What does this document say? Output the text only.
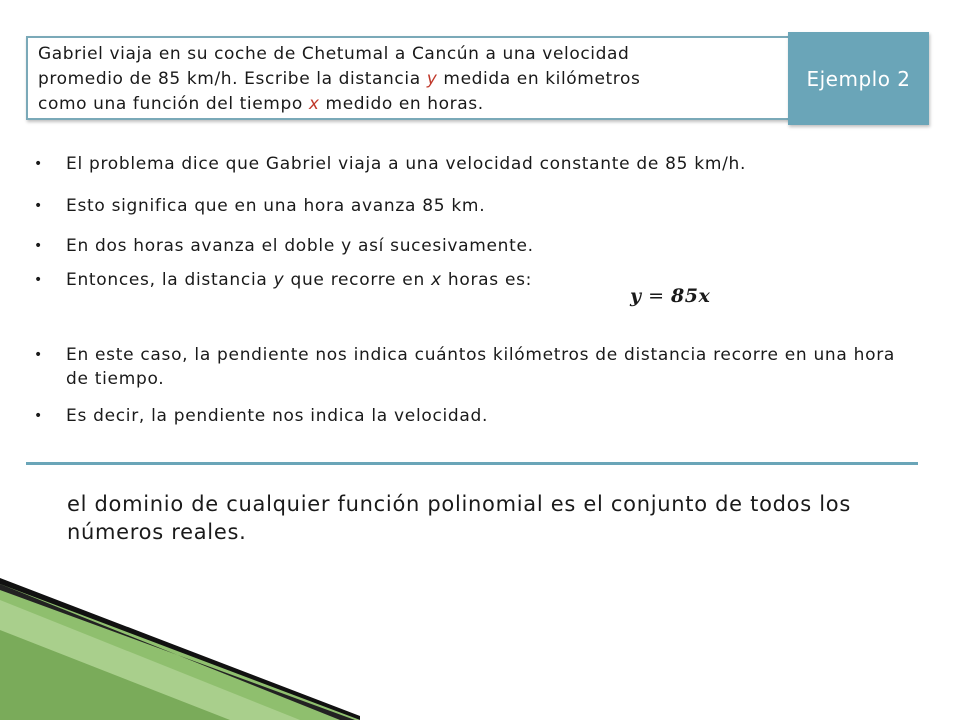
Gabriel viaja en su coche de Chetumal a Cancún a una velocidad
promedio de 85 km/h. Escribe la distancia y medida en kilómetros
como una función del tiempo x medido en horas.
Ejemplo 2
• El problema dice que Gabriel viaja a una velocidad constante de 85 km/h.
• Esto significa que en una hora avanza 85 km.
• En dos horas avanza el doble y así sucesivamente.
• Entonces, la distancia y que recorre en x horas es:
y = 85x
• En este caso, la pendiente nos indica cuántos kilómetros de distancia recorre en una hora de tiempo.
• Es decir, la pendiente nos indica la velocidad.
el dominio de cualquier función polinomial es el conjunto de todos los números reales.
